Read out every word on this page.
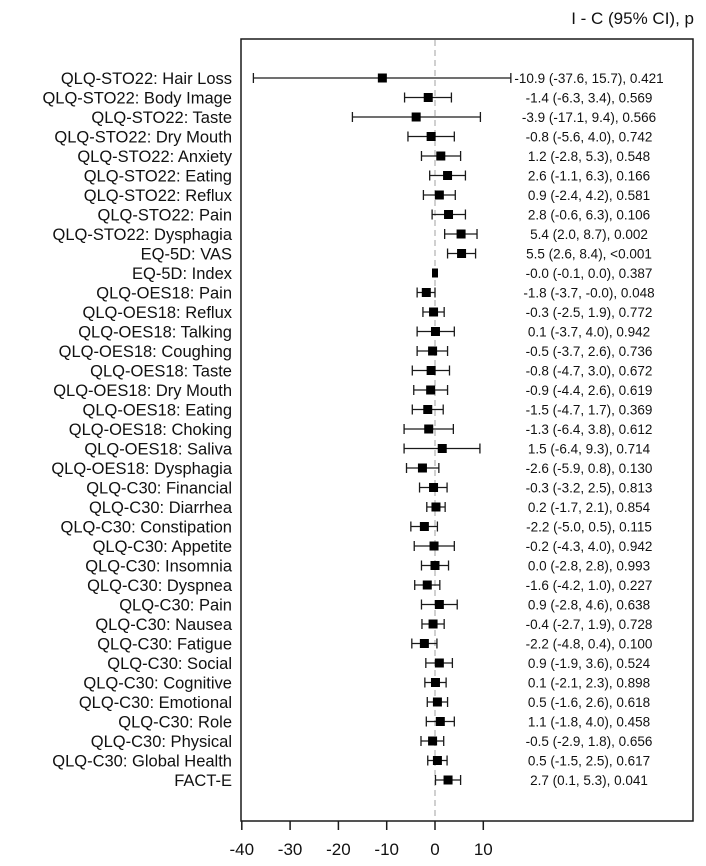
I - C (95% CI), p
QLQ-STO22: Hair Loss	-10.9 (-37.6, 15.7), 0.421
QLQ-STO22: Body Image	-1.4 (-6.3, 3.4), 0.569
QLQ-STO22: Taste	-3.9 (-17.1, 9.4), 0.566
QLQ-STO22: Dry Mouth	-0.8 (-5.6, 4.0), 0.742
QLQ-STO22: Anxiety	1.2 (-2.8, 5.3), 0.548
QLQ-STO22: Eating	2.6 (-1.1, 6.3), 0.166
QLQ-STO22: Reflux	0.9 (-2.4, 4.2), 0.581
QLQ-STO22: Pain	2.8 (-0.6, 6.3), 0.106
QLQ-STO22: Dysphagia	5.4 (2.0, 8.7), 0.002
EQ-5D: VAS	5.5 (2.6, 8.4), <0.001
EQ-5D: Index	-0.0 (-0.1, 0.0), 0.387
QLQ-OES18: Pain	-1.8 (-3.7, -0.0), 0.048
QLQ-OES18: Reflux	-0.3 (-2.5, 1.9), 0.772
QLQ-OES18: Talking	0.1 (-3.7, 4.0), 0.942
QLQ-OES18: Coughing	-0.5 (-3.7, 2.6), 0.736
QLQ-OES18: Taste	-0.8 (-4.7, 3.0), 0.672
QLQ-OES18: Dry Mouth	-0.9 (-4.4, 2.6), 0.619
QLQ-OES18: Eating	-1.5 (-4.7, 1.7), 0.369
QLQ-OES18: Choking	-1.3 (-6.4, 3.8), 0.612
QLQ-OES18: Saliva	1.5 (-6.4, 9.3), 0.714
QLQ-OES18: Dysphagia	-2.6 (-5.9, 0.8), 0.130
QLQ-C30: Financial	-0.3 (-3.2, 2.5), 0.813
QLQ-C30: Diarrhea	0.2 (-1.7, 2.1), 0.854
QLQ-C30: Constipation	-2.2 (-5.0, 0.5), 0.115
QLQ-C30: Appetite	-0.2 (-4.3, 4.0), 0.942
QLQ-C30: Insomnia	0.0 (-2.8, 2.8), 0.993
QLQ-C30: Dyspnea	-1.6 (-4.2, 1.0), 0.227
QLQ-C30: Pain	0.9 (-2.8, 4.6), 0.638
QLQ-C30: Nausea	-0.4 (-2.7, 1.9), 0.728
QLQ-C30: Fatigue	-2.2 (-4.8, 0.4), 0.100
QLQ-C30: Social	0.9 (-1.9, 3.6), 0.524
QLQ-C30: Cognitive	0.1 (-2.1, 2.3), 0.898
QLQ-C30: Emotional	0.5 (-1.6, 2.6), 0.618
QLQ-C30: Role	1.1 (-1.8, 4.0), 0.458
QLQ-C30: Physical	-0.5 (-2.9, 1.8), 0.656
QLQ-C30: Global Health	0.5 (-1.5, 2.5), 0.617
FACT-E	2.7 (0.1, 5.3), 0.041
-40 -30 -20 -10 0 10
